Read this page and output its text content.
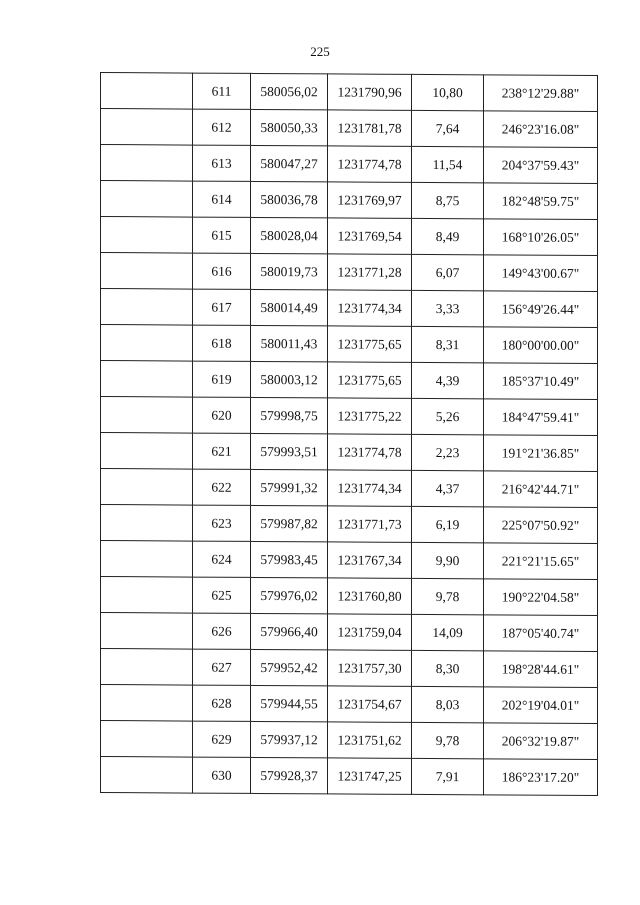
225
	611	580056,02	1231790,96	10,80	238°12'29.88"
	612	580050,33	1231781,78	7,64	246°23'16.08"
	613	580047,27	1231774,78	11,54	204°37'59.43"
	614	580036,78	1231769,97	8,75	182°48'59.75"
	615	580028,04	1231769,54	8,49	168°10'26.05"
	616	580019,73	1231771,28	6,07	149°43'00.67"
	617	580014,49	1231774,34	3,33	156°49'26.44"
	618	580011,43	1231775,65	8,31	180°00'00.00"
	619	580003,12	1231775,65	4,39	185°37'10.49"
	620	579998,75	1231775,22	5,26	184°47'59.41"
	621	579993,51	1231774,78	2,23	191°21'36.85"
	622	579991,32	1231774,34	4,37	216°42'44.71"
	623	579987,82	1231771,73	6,19	225°07'50.92"
	624	579983,45	1231767,34	9,90	221°21'15.65"
	625	579976,02	1231760,80	9,78	190°22'04.58"
	626	579966,40	1231759,04	14,09	187°05'40.74"
	627	579952,42	1231757,30	8,30	198°28'44.61"
	628	579944,55	1231754,67	8,03	202°19'04.01"
	629	579937,12	1231751,62	9,78	206°32'19.87"
	630	579928,37	1231747,25	7,91	186°23'17.20"
